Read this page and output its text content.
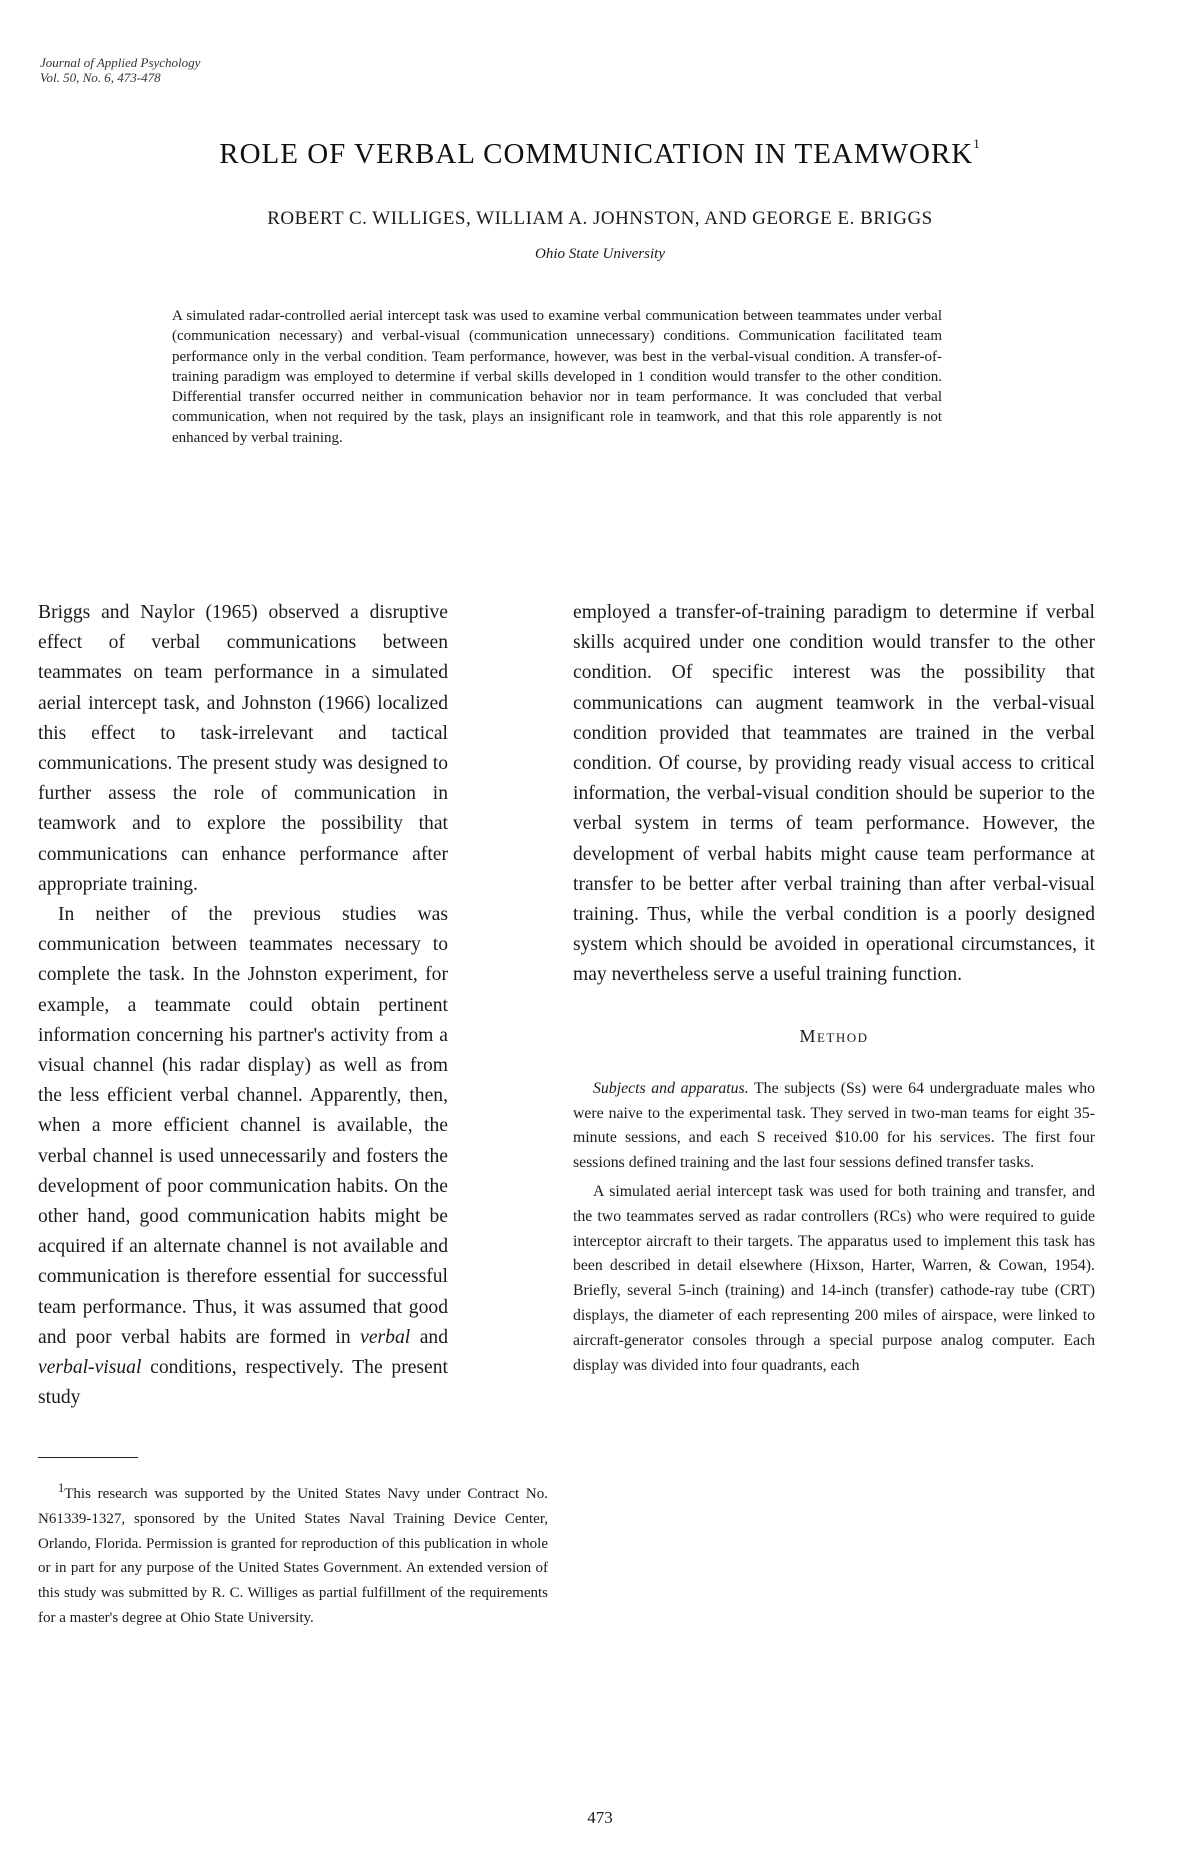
Journal of Applied Psychology
Vol. 50, No. 6, 473-478
ROLE OF VERBAL COMMUNICATION IN TEAMWORK$^1$
ROBERT C. WILLIGES, WILLIAM A. JOHNSTON, AND GEORGE E. BRIGGS
Ohio State University

A simulated radar-controlled aerial intercept task was used to examine verbal communication between teammates under verbal (communication necessary) and verbal-visual (communication unnecessary) conditions. Communication facilitated team performance only in the verbal condition. Team performance, however, was best in the verbal-visual condition. A transfer-of-training paradigm was employed to determine if verbal skills developed in 1 condition would transfer to the other condition. Differential transfer occurred neither in communication behavior nor in team performance. It was concluded that verbal communication, when not required by the task, plays an insignificant role in teamwork, and that this role apparently is not enhanced by verbal training.

Briggs and Naylor (1965) observed a disruptive effect of verbal communications between teammates on team performance in a simulated aerial intercept task, and Johnston (1966) localized this effect to task-irrelevant and tactical communications. The present study was designed to further assess the role of communication in teamwork and to explore the possibility that communications can enhance performance after appropriate training.

In neither of the previous studies was communication between teammates necessary to complete the task. In the Johnston experiment, for example, a teammate could obtain pertinent information concerning his partner's activity from a visual channel (his radar display) as well as from the less efficient verbal channel. Apparently, then, when a more efficient channel is available, the verbal channel is used unnecessarily and fosters the development of poor communication habits. On the other hand, good communication habits might be acquired if an alternate channel is not available and communication is therefore essential for successful team performance. Thus, it was assumed that good and poor verbal habits are formed in verbal and verbal-visual conditions, respectively. The present study

$^1$This research was supported by the United States Navy under Contract No. N61339-1327, sponsored by the United States Naval Training Device Center, Orlando, Florida. Permission is granted for reproduction of this publication in whole or in part for any purpose of the United States Government. An extended version of this study was submitted by R. C. Williges as partial fulfillment of the requirements for a master's degree at Ohio State University.

employed a transfer-of-training paradigm to determine if verbal skills acquired under one condition would transfer to the other condition. Of specific interest was the possibility that communications can augment teamwork in the verbal-visual condition provided that teammates are trained in the verbal condition. Of course, by providing ready visual access to critical information, the verbal-visual condition should be superior to the verbal system in terms of team performance. However, the development of verbal habits might cause team performance at transfer to be better after verbal training than after verbal-visual training. Thus, while the verbal condition is a poorly designed system which should be avoided in operational circumstances, it may nevertheless serve a useful training function.

Method

Subjects and apparatus. The subjects (Ss) were 64 undergraduate males who were naive to the experimental task. They served in two-man teams for eight 35-minute sessions, and each S received $10.00 for his services. The first four sessions defined training and the last four sessions defined transfer tasks.

A simulated aerial intercept task was used for both training and transfer, and the two teammates served as radar controllers (RCs) who were required to guide interceptor aircraft to their targets. The apparatus used to implement this task has been described in detail elsewhere (Hixson, Harter, Warren, & Cowan, 1954). Briefly, several 5-inch (training) and 14-inch (transfer) cathode-ray tube (CRT) displays, the diameter of each representing 200 miles of airspace, were linked to aircraft-generator consoles through a special purpose analog computer. Each display was divided into four quadrants, each

473
